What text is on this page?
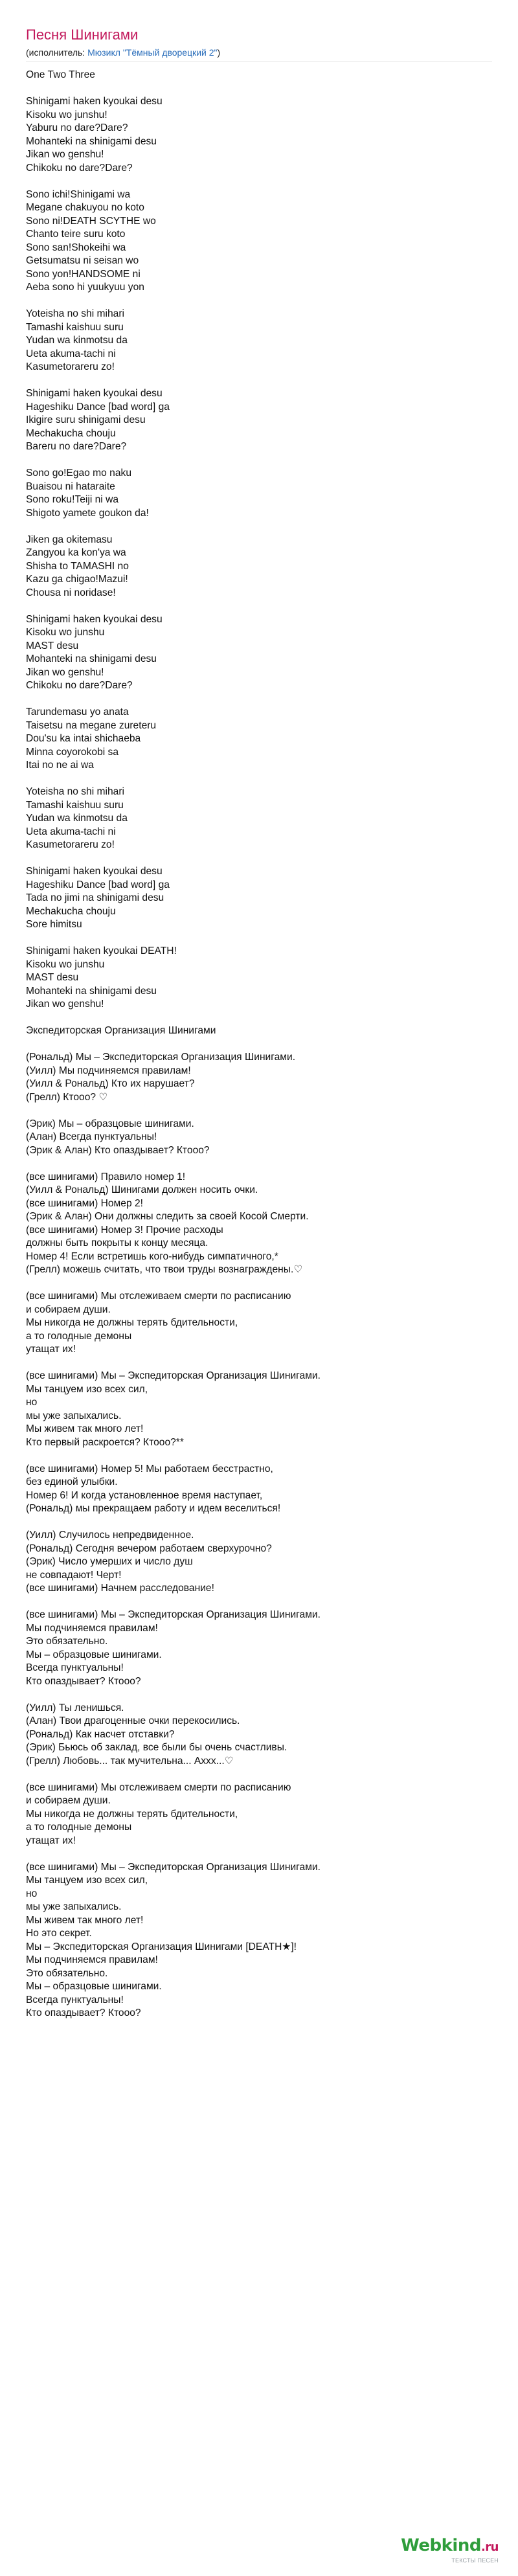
Песня Шинигами
(исполнитель: Мюзикл "Тёмный дворецкий 2")
One Two Three
Shinigami haken kyoukai desu
Kisoku wo junshu!
Yaburu no dare?Dare?
Mohanteki na shinigami desu
Jikan wo genshu!
Chikoku no dare?Dare?
Sono ichi!Shinigami wa
Megane chakuyou no koto
Sono ni!DEATH SCYTHE wo
Chanto teire suru koto
Sono san!Shokeihi wa
Getsumatsu ni seisan wo
Sono yon!HANDSOME ni
Aeba sono hi yuukyuu yon
Yoteisha no shi mihari
Tamashi kaishuu suru
Yudan wa kinmotsu da
Ueta akuma-tachi ni
Kasumetorareru zo!
Shinigami haken kyoukai desu
Hageshiku Dance [bad word] ga
Ikigire suru shinigami desu
Mechakucha chouju
Bareru no dare?Dare?
Sono go!Egao mo naku
Buaisou ni hataraite
Sono roku!Teiji ni wa
Shigoto yamete goukon da!
Jiken ga okitemasu
Zangyou ka kon'ya wa
Shisha to TAMASHI no
Kazu ga chigao!Mazui!
Chousa ni noridase!
Shinigami haken kyoukai desu
Kisoku wo junshu
MAST desu
Mohanteki na shinigami desu
Jikan wo genshu!
Chikoku no dare?Dare?
Tarundemasu yo anata
Taisetsu na megane zureteru
Dou'su ka intai shichaeba
Minna coyorokobi sa
Itai no ne ai wa
Yoteisha no shi mihari
Tamashi kaishuu suru
Yudan wa kinmotsu da
Ueta akuma-tachi ni
Kasumetorareru zo!
Shinigami haken kyoukai desu
Hageshiku Dance [bad word] ga
Tada no jimi na shinigami desu
Mechakucha chouju
Sore himitsu
Shinigami haken kyoukai DEATH!
Kisoku wo junshu
MAST desu
Mohanteki na shinigami desu
Jikan wo genshu!
Экспедиторская Организация Шинигами
(Рональд) Мы – Экспедиторская Организация Шинигами.
(Уилл) Мы подчиняемся правилам!
(Уилл & Рональд) Кто их нарушает?
(Грелл) Ктооо? ♡
(Эрик) Мы – образцовые шинигами.
(Алан) Всегда пунктуальны!
(Эрик & Алан) Кто опаздывает? Ктооо?
(все шинигами) Правило номер 1!
(Уилл & Рональд) Шинигами должен носить очки.
(все шинигами) Номер 2!
(Эрик & Алан) Они должны следить за своей Косой Смерти.
(все шинигами) Номер 3! Прочие расходы
должны быть покрыты к концу месяца.
Номер 4! Если встретишь кого-нибудь симпатичного,*
(Грелл) можешь считать, что твои труды вознаграждены.♡
(все шинигами) Мы отслеживаем смерти по расписанию
и собираем души.
Мы никогда не должны терять бдительности,
а то голодные демоны
утащат их!
(все шинигами) Мы – Экспедиторская Организация Шинигами.
Мы танцуем изо всех сил,
но
мы уже запыхались.
Мы живем так много лет!
Кто первый раскроется? Ктооо?**
(все шинигами) Номер 5! Мы работаем бесстрастно,
без единой улыбки.
Номер 6! И когда установленное время наступает,
(Рональд) мы прекращаем работу и идем веселиться!
(Уилл) Случилось непредвиденное.
(Рональд) Сегодня вечером работаем сверхурочно?
(Эрик) Число умерших и число душ
не совпадают! Черт!
(все шинигами) Начнем расследование!
(все шинигами) Мы – Экспедиторская Организация Шинигами.
Мы подчиняемся правилам!
Это обязательно.
Мы – образцовые шинигами.
Всегда пунктуальны!
Кто опаздывает? Ктооо?
(Уилл) Ты ленишься.
(Алан) Твои драгоценные очки перекосились.
(Рональд) Как насчет отставки?
(Эрик) Бьюсь об заклад, все были бы очень счастливы.
(Грелл) Любовь... так мучительна... Аххх...♡
(все шинигами) Мы отслеживаем смерти по расписанию
и собираем души.
Мы никогда не должны терять бдительности,
а то голодные демоны
утащат их!
(все шинигами) Мы – Экспедиторская Организация Шинигами.
Мы танцуем изо всех сил,
но
мы уже запыхались.
Мы живем так много лет!
Но это секрет.
Мы – Экспедиторская Организация Шинигами [DEATH★]!
Мы подчиняемся правилам!
Это обязательно.
Мы – образцовые шинигами.
Всегда пунктуальны!
Кто опаздывает? Ктооо?
Webkind.ru
ТЕКСТЫ ПЕСЕН
